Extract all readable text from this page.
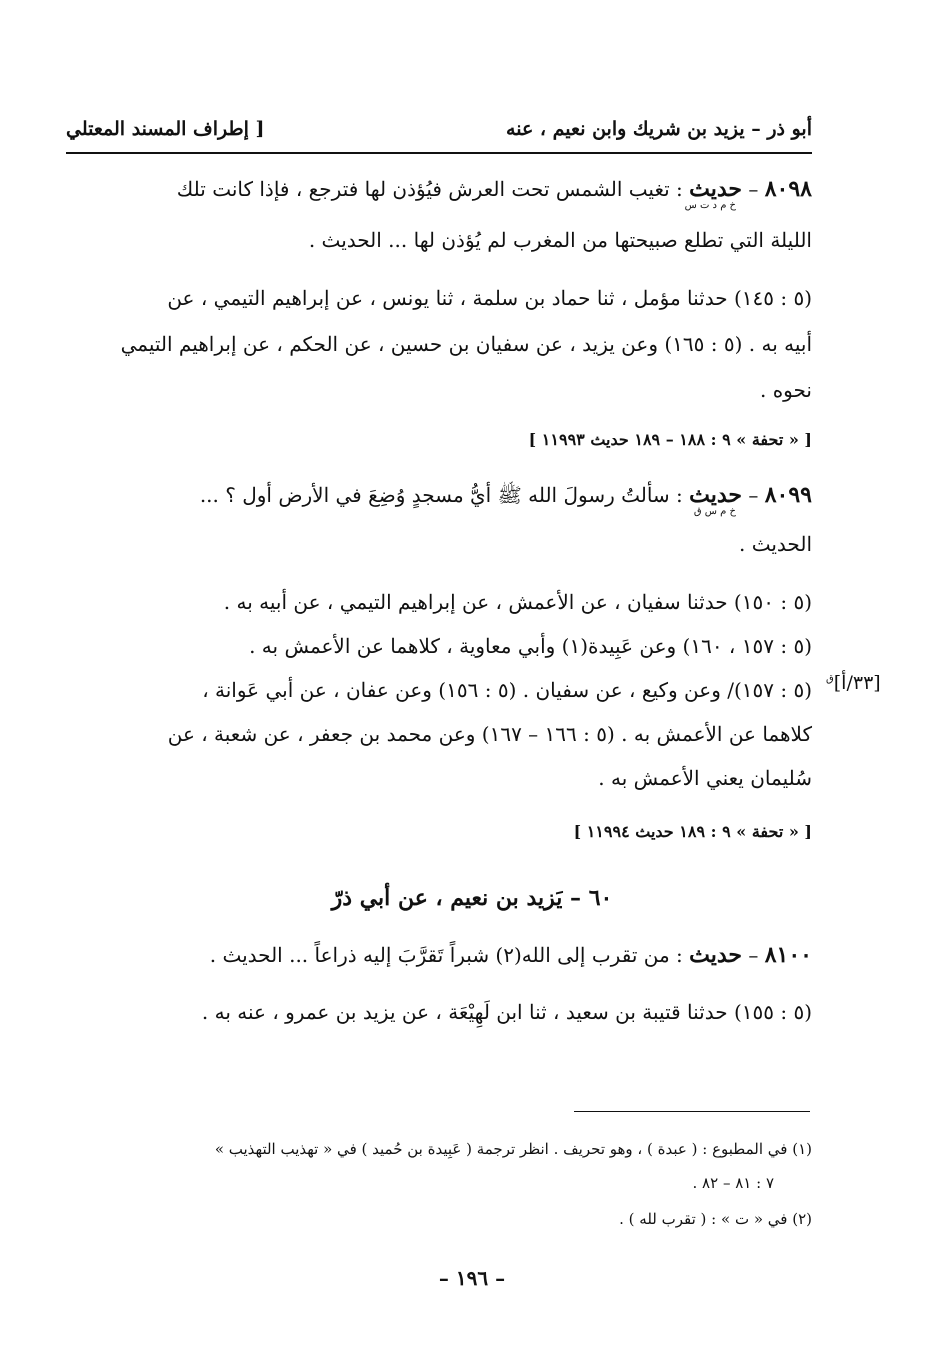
أبو ذر – يزيد بن شريك وابن نعيم ، عنه
[ إطراف المسند المعتلي
٨٠٩٨ – حديث
خ م د ت س
: تغيب الشمس تحت العرش فيُؤذن لها فترجع ، فإذا كانت تلك
الليلة التي تطلع صبيحتها من المغرب لم يُؤذن لها ... الحديث .
(٥ : ١٤٥) حدثنا مؤمل ، ثنا حماد بن سلمة ، ثنا يونس ، عن إبراهيم التيمي ، عن
أبيه به . (٥ : ١٦٥) وعن يزيد ، عن سفيان بن حسين ، عن الحكم ، عن إبراهيم التيمي
نحوه .
[ « تحفة » ٩ : ١٨٨ – ١٨٩ حديث ١١٩٩٣ ]
٨٠٩٩ – حديث
خ م س ق
: سألتُ رسولَ الله ﷺ أيُّ مسجدٍ وُضِعَ في الأرض أول ؟ ...
الحديث .
(٥ : ١٥٠) حدثنا سفيان ، عن الأعمش ، عن إبراهيم التيمي ، عن أبيه به .
(٥ : ١٥٧ ، ١٦٠) وعن عَبِيدة(١) وأبي معاوية ، كلاهما عن الأعمش به .
(٥ : ١٥٧)/ وعن وكيع ، عن سفيان . (٥ : ١٥٦) وعن عفان ، عن أبي عَوانة ،
كلاهما عن الأعمش به . (٥ : ١٦٦ – ١٦٧) وعن محمد بن جعفر ، عن شعبة ، عن
سُليمان يعني الأعمش به .
[ « تحفة » ٩ : ١٨٩ حديث ١١٩٩٤ ]
[٣٣/أ]$^ق$
٦٠ – يَزيد بن نعيم ، عن أبي ذرّ
٨١٠٠ – حديث : من تقرب إلى الله(٢) شبراً تَقرَّبَ إليه ذراعاً ... الحديث .
(٥ : ١٥٥) حدثنا قتيبة بن سعيد ، ثنا ابن لَهِيْعَة ، عن يزيد بن عمرو ، عنه به .
(١) في المطبوع : ( عبدة ) ، وهو تحريف . انظر ترجمة ( عَبِيدة بن حُميد ) في « تهذيب التهذيب »
٧ : ٨١ – ٨٢ .
(٢) في « ت » : ( تقرب لله ) .
– ١٩٦ –
